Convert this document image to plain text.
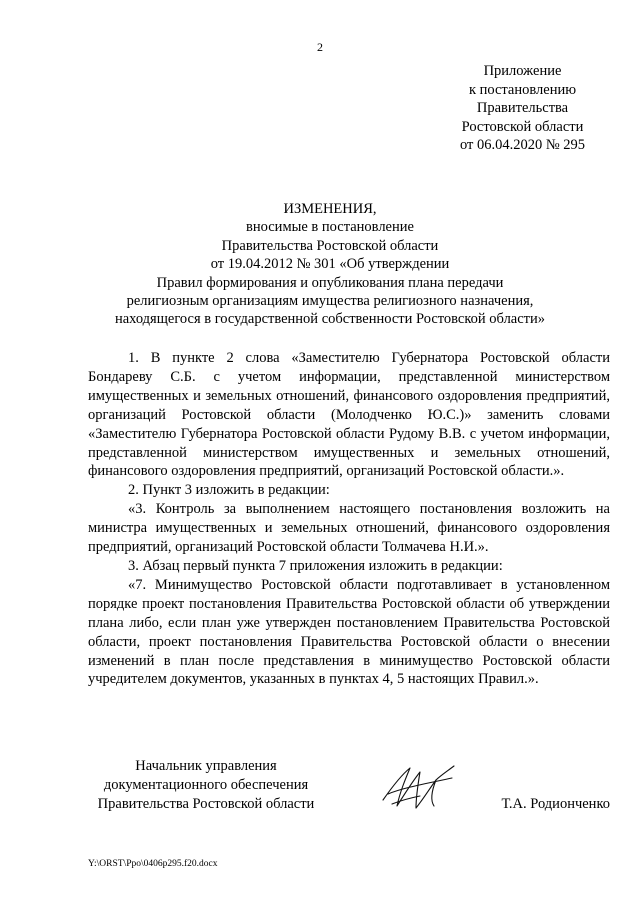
2
Приложение
к постановлению
Правительства
Ростовской области
от 06.04.2020 № 295
ИЗМЕНЕНИЯ,
вносимые в постановление
Правительства Ростовской области
от 19.04.2012 № 301 «Об утверждении
Правил формирования и опубликования плана передачи
религиозным организациям имущества религиозного назначения,
находящегося в государственной собственности Ростовской области»

1. В пункте 2 слова «Заместителю Губернатора Ростовской области Бондареву С.Б. с учетом информации, представленной министерством имущественных и земельных отношений, финансового оздоровления предприятий, организаций Ростовской области (Молодченко Ю.С.)» заменить словами «Заместителю Губернатора Ростовской области Рудому В.В. с учетом информации, представленной министерством имущественных и земельных отношений, финансового оздоровления предприятий, организаций Ростовской области.».

2. Пункт 3 изложить в редакции:

«3. Контроль за выполнением настоящего постановления возложить на министра имущественных и земельных отношений, финансового оздоровления предприятий, организаций Ростовской области Толмачева Н.И.».

3. Абзац первый пункта 7 приложения изложить в редакции:

«7. Минимущество Ростовской области подготавливает в установленном порядке проект постановления Правительства Ростовской области об утверждении плана либо, если план уже утвержден постановлением Правительства Ростовской области, проект постановления Правительства Ростовской области о внесении изменений в план после представления в минимущество Ростовской области учредителем документов, указанных в пунктах 4, 5 настоящих Правил.».

Начальник управления
документационного обеспечения
Правительства Ростовской области	Т.А. Родионченко
Y:\ORST\Ppo\0406p295.f20.docx
